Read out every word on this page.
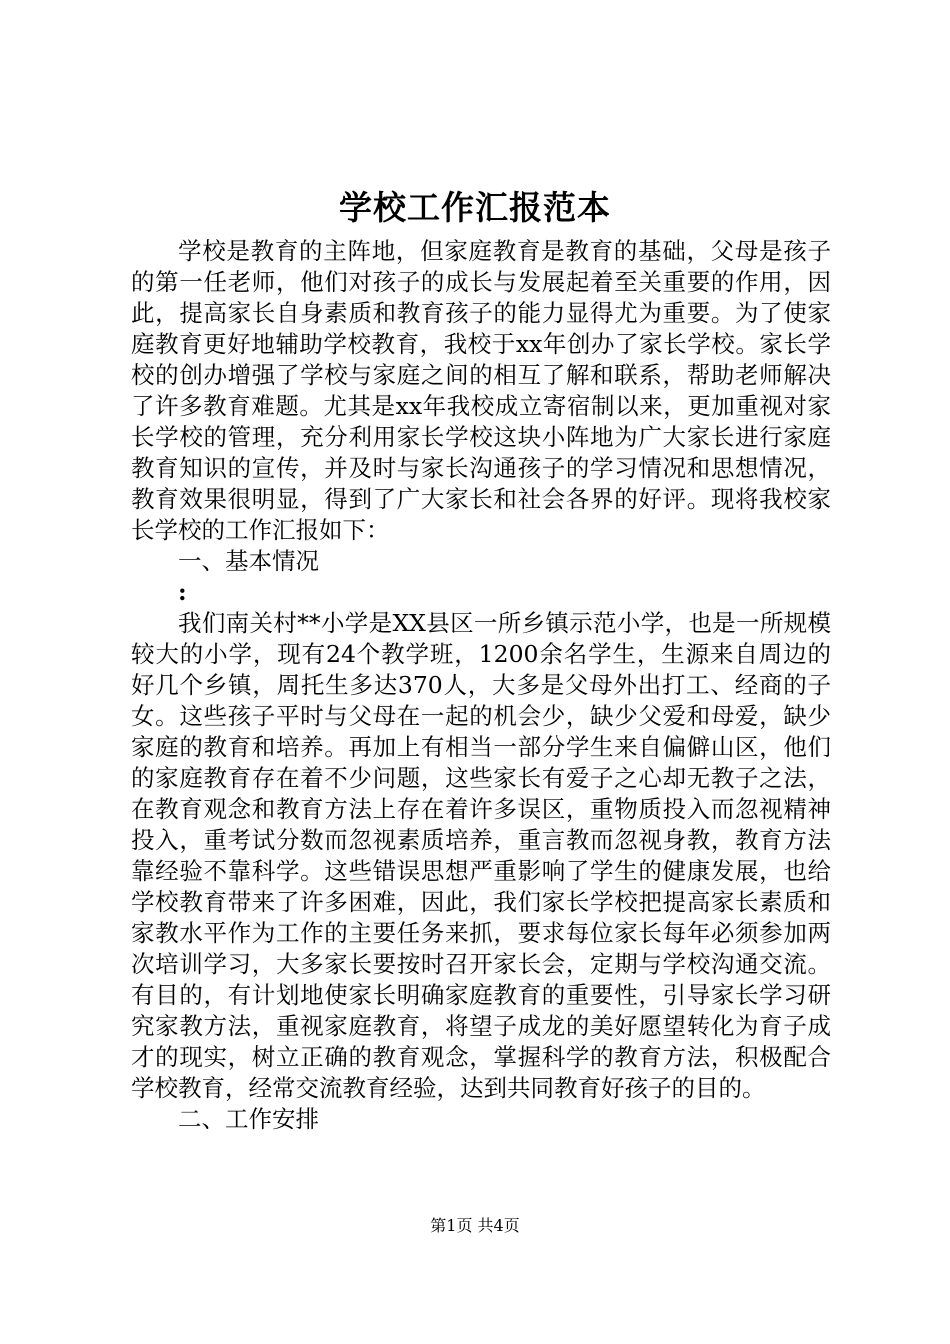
学校工作汇报范本

学校是教育的主阵地，但家庭教育是教育的基础，父母是孩子的第一任老师，他们对孩子的成长与发展起着至关重要的作用，因此，提高家长自身素质和教育孩子的能力显得尤为重要。为了使家庭教育更好地辅助学校教育，我校于xx年创办了家长学校。家长学校的创办增强了学校与家庭之间的相互了解和联系，帮助老师解决了许多教育难题。尤其是xx年我校成立寄宿制以来，更加重视对家长学校的管理，充分利用家长学校这块小阵地为广大家长进行家庭教育知识的宣传，并及时与家长沟通孩子的学习情况和思想情况，教育效果很明显，得到了广大家长和社会各界的好评。现将我校家长学校的工作汇报如下：

一、基本情况

:

我们南关村**小学是XX县区一所乡镇示范小学，也是一所规模较大的小学，现有24个教学班，1200余名学生，生源来自周边的好几个乡镇，周托生多达370人，大多是父母外出打工、经商的子女。这些孩子平时与父母在一起的机会少，缺少父爱和母爱，缺少家庭的教育和培养。再加上有相当一部分学生来自偏僻山区，他们的家庭教育存在着不少问题，这些家长有爱子之心却无教子之法，在教育观念和教育方法上存在着许多误区，重物质投入而忽视精神投入，重考试分数而忽视素质培养，重言教而忽视身教，教育方法靠经验不靠科学。这些错误思想严重影响了学生的健康发展，也给学校教育带来了许多困难，因此，我们家长学校把提高家长素质和家教水平作为工作的主要任务来抓，要求每位家长每年必须参加两次培训学习，大多家长要按时召开家长会，定期与学校沟通交流。有目的，有计划地使家长明确家庭教育的重要性，引导家长学习研究家教方法，重视家庭教育，将望子成龙的美好愿望转化为育子成才的现实，树立正确的教育观念，掌握科学的教育方法，积极配合学校教育，经常交流教育经验，达到共同教育好孩子的目的。

二、工作安排

第1页 共4页
